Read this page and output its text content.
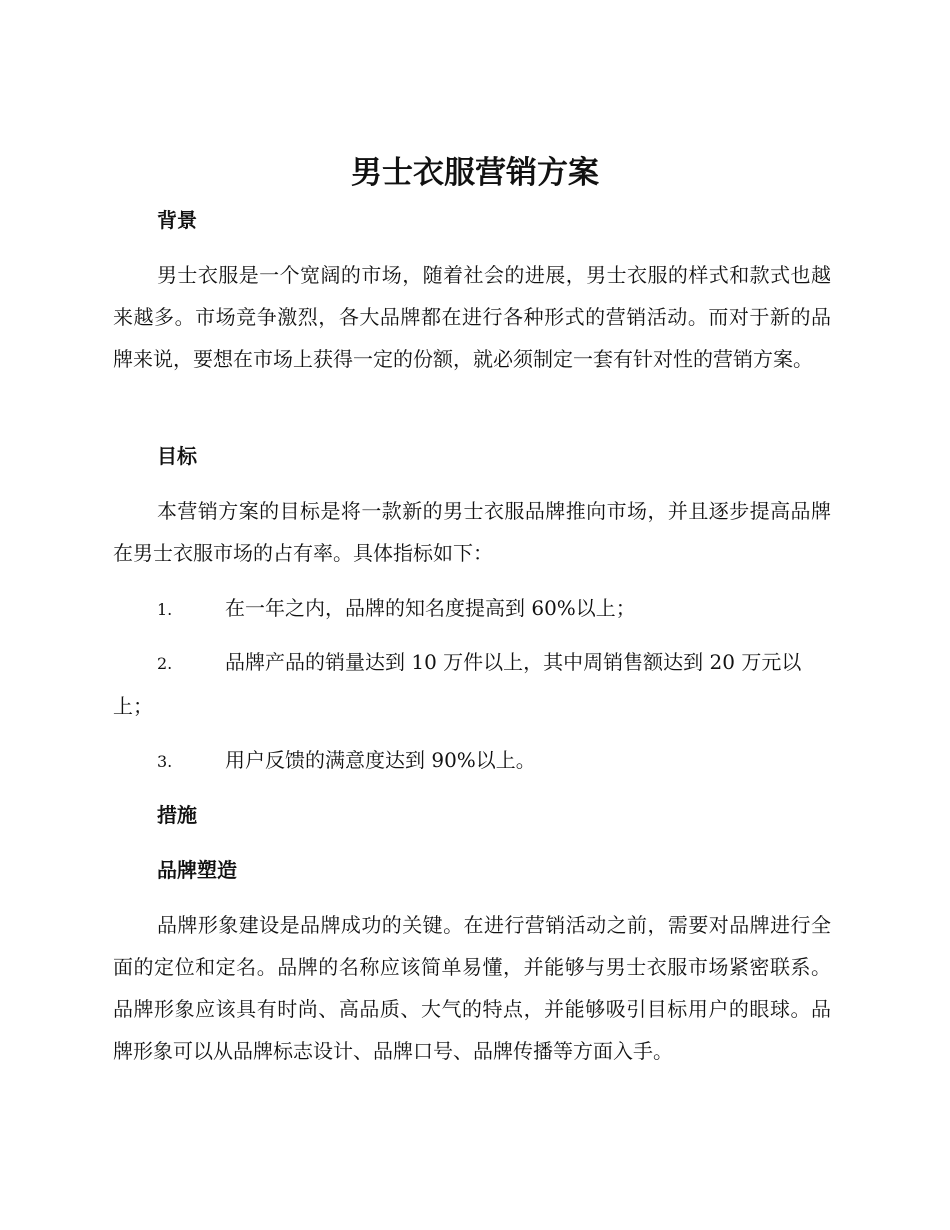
男士衣服营销方案
背景

男士衣服是一个宽阔的市场，随着社会的进展，男士衣服的样式和款式也越来越多。市场竞争激烈，各大品牌都在进行各种形式的营销活动。而对于新的品牌来说，要想在市场上获得一定的份额，就必须制定一套有针对性的营销方案。

目标

本营销方案的目标是将一款新的男士衣服品牌推向市场，并且逐步提高品牌在男士衣服市场的占有率。具体指标如下：

1.	在一年之内，品牌的知名度提高到 60%以上；

2.	品牌产品的销量达到 10 万件以上，其中周销售额达到 20 万元以上；

3.	用户反馈的满意度达到 90%以上。

措施
品牌塑造

品牌形象建设是品牌成功的关键。在进行营销活动之前，需要对品牌进行全面的定位和定名。品牌的名称应该简单易懂，并能够与男士衣服市场紧密联系。品牌形象应该具有时尚、高品质、大气的特点，并能够吸引目标用户的眼球。品牌形象可以从品牌标志设计、品牌口号、品牌传播等方面入手。
